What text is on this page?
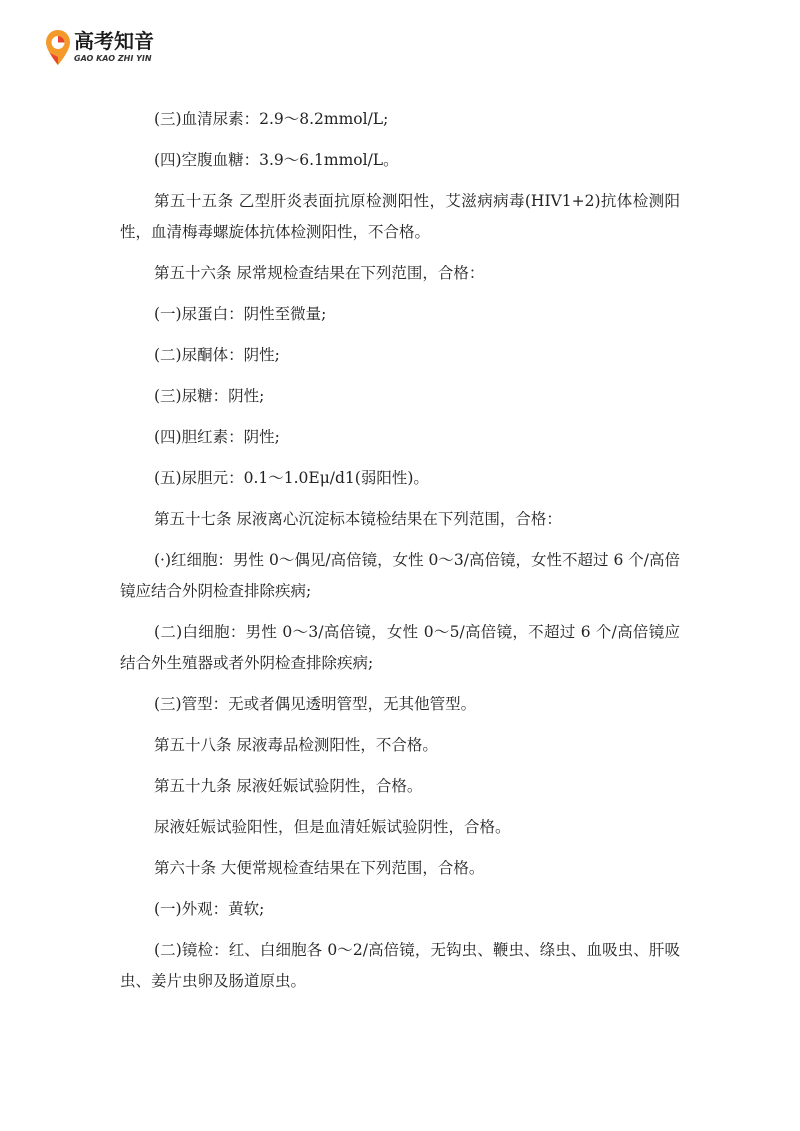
高考知音
GAO KAO ZHI YIN

(三)血清尿素：2.9～8.2mmol/L;

(四)空腹血糖：3.9～6.1mmol/L。

第五十五条 乙型肝炎表面抗原检测阳性，艾滋病病毒(HIV1+2)抗体检测阳性，血清梅毒螺旋体抗体检测阳性，不合格。

第五十六条 尿常规检查结果在下列范围，合格：

(一)尿蛋白：阴性至微量;

(二)尿酮体：阴性;

(三)尿糖：阴性;

(四)胆红素：阴性;

(五)尿胆元：0.1～1.0Eμ/d1(弱阳性)。

第五十七条 尿液离心沉淀标本镜检结果在下列范围，合格：

(·)红细胞：男性 0～偶见/高倍镜，女性 0～3/高倍镜，女性不超过 6 个/高倍镜应结合外阴检查排除疾病;

(二)白细胞：男性 0～3/高倍镜，女性 0～5/高倍镜，不超过 6 个/高倍镜应结合外生殖器或者外阴检查排除疾病;

(三)管型：无或者偶见透明管型，无其他管型。

第五十八条 尿液毒品检测阳性，不合格。

第五十九条 尿液妊娠试验阴性，合格。

尿液妊娠试验阳性，但是血清妊娠试验阴性，合格。

第六十条 大便常规检查结果在下列范围，合格。

(一)外观：黄软;

(二)镜检：红、白细胞各 0～2/高倍镜，无钩虫、鞭虫、绦虫、血吸虫、肝吸虫、姜片虫卵及肠道原虫。
